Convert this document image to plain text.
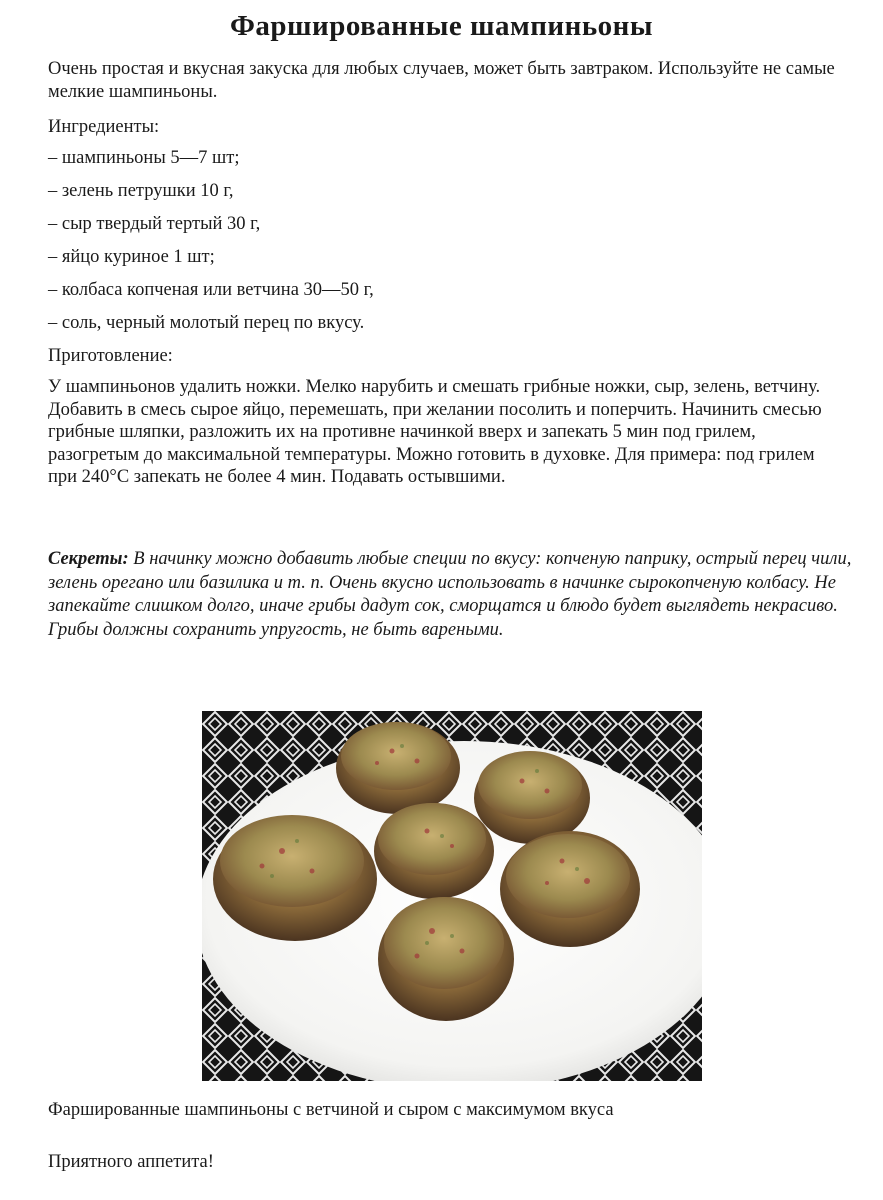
Фаршированные шампиньоны

Очень простая и вкусная закуска для любых случаев, может быть завтраком. Используйте не самые мелкие шампиньоны.

Ингредиенты:

– шампиньоны 5—7 шт;

– зелень петрушки 10 г,

– сыр твердый тертый 30 г,

– яйцо куриное 1 шт;

– колбаса копченая или ветчина 30—50 г,

– соль, черный молотый перец по вкусу.

Приготовление:

У шампиньонов удалить ножки. Мелко нарубить и смешать грибные ножки, сыр, зелень, ветчину. Добавить в смесь сырое яйцо, перемешать, при желании посолить и поперчить. Начинить смесью грибные шляпки, разложить их на противне начинкой вверх и запекать 5 мин под грилем, разогретым до максимальной температуры. Можно готовить в духовке. Для примера: под грилем при 240°С запекать не более 4 мин. Подавать остывшими.

Секреты: В начинку можно добавить любые специи по вкусу: копченую паприку, острый перец чили, зелень орегано или базилика и т. п. Очень вкусно использовать в начинке сырокопченую колбасу. Не запекайте слишком долго, иначе грибы дадут сок, сморщатся и блюдо будет выглядеть некрасиво. Грибы должны сохранить упругость, не быть вареными.

Фаршированные шампиньоны с ветчиной и сыром с максимумом вкуса

Приятного аппетита!
